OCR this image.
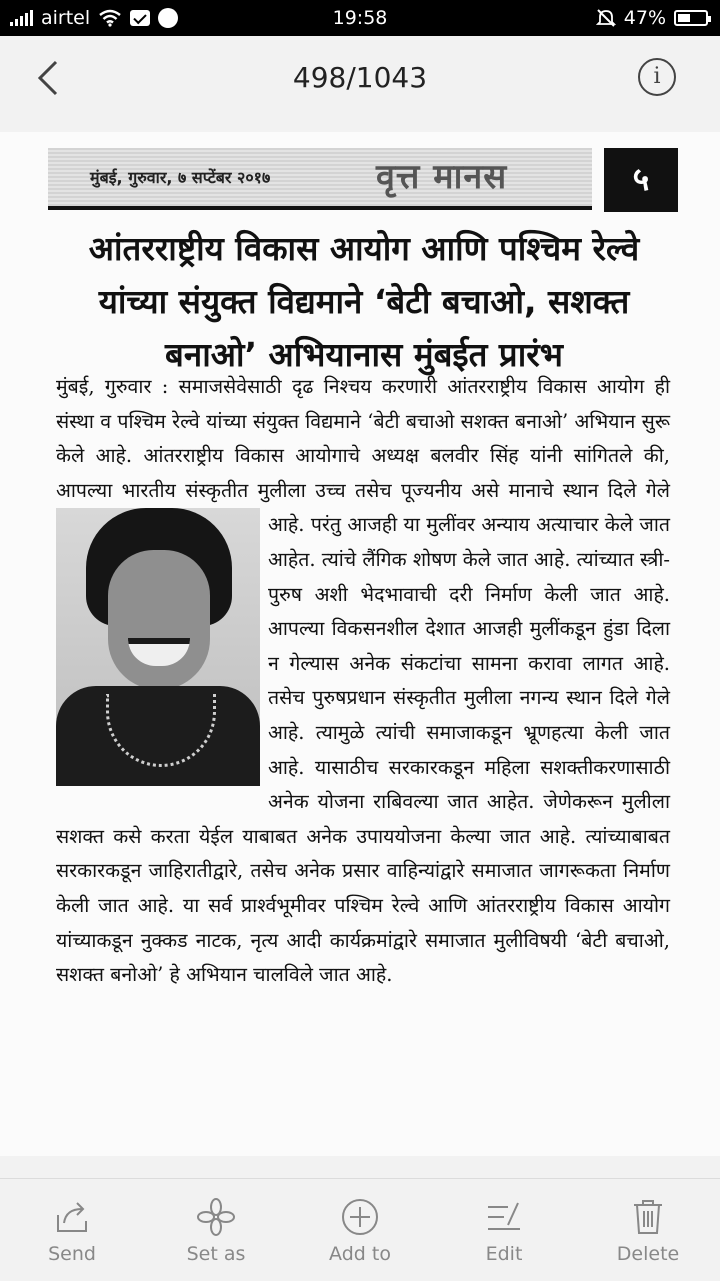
airtel	19:58	47%
498/1043	i
मुंबई, गुरुवार, ७ सप्टेंबर २०१७	वृत्त मानस	५
आंतरराष्ट्रीय विकास आयोग आणि पश्चिम रेल्वे यांच्या संयुक्त विद्यमाने ‘बेटी बचाओ, सशक्त बनाओ’ अभियानास मुंबईत प्रारंभ
मुंबई, गुरुवार : समाजसेवेसाठी दृढ निश्चय करणारी आंतरराष्ट्रीय विकास आयोग ही संस्था व पश्चिम रेल्वे यांच्या संयुक्त विद्यमाने ‘बेटी बचाओ सशक्त बनाओ’ अभियान सुरू केले आहे. आंतरराष्ट्रीय विकास आयोगाचे अध्यक्ष बलवीर सिंह यांनी सांगितले की, आपल्या भारतीय संस्कृतीत मुलीला उच्च तसेच पूज्यनीय असे मानाचे स्थान दिले गेले आहे. परंतु आजही या मुलींवर अन्याय अत्याचार केले जात आहेत. त्यांचे लैंगिक शोषण केले जात आहे. त्यांच्यात स्त्री-पुरुष अशी भेदभावाची दरी निर्माण केली जात आहे. आपल्या विकसनशील देशात आजही मुलींकडून हुंडा दिला न गेल्यास अनेक संकटांचा सामना करावा लागत आहे. तसेच पुरुषप्रधान संस्कृतीत मुलीला नगन्य स्थान दिले गेले आहे. त्यामुळे त्यांची समाजाकडून भ्रूणहत्या केली जात आहे. यासाठीच सरकारकडून महिला सशक्तीकरणासाठी अनेक योजना राबिवल्या जात आहेत. जेणेकरून मुलीला सशक्त कसे करता येईल याबाबत अनेक उपाययोजना केल्या जात आहे. त्यांच्याबाबत सरकारकडून जाहिरातीद्वारे, तसेच अनेक प्रसार वाहिन्यांद्वारे समाजात जागरूकता निर्माण केली जात आहे. या सर्व प्रार्श्वभूमीवर पश्चिम रेल्वे आणि आंतरराष्ट्रीय विकास आयोग यांच्याकडून नुक्कड नाटक, नृत्य आदी कार्यक्रमांद्वारे समाजात मुलीविषयी ‘बेटी बचाओ, सशक्त बनोओ’ हे अभियान चालविले जात आहे.
Send	Set as	Add to	Edit	Delete
